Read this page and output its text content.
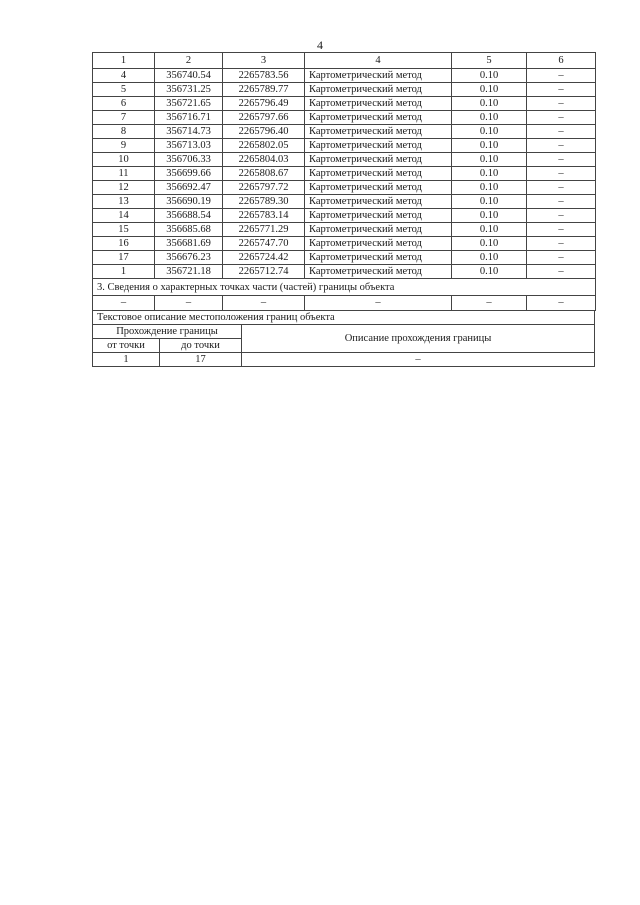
4
1	2	3	4	5	6
4	356740.54	2265783.56	Картометрический метод	0.10	–
5	356731.25	2265789.77	Картометрический метод	0.10	–
6	356721.65	2265796.49	Картометрический метод	0.10	–
7	356716.71	2265797.66	Картометрический метод	0.10	–
8	356714.73	2265796.40	Картометрический метод	0.10	–
9	356713.03	2265802.05	Картометрический метод	0.10	–
10	356706.33	2265804.03	Картометрический метод	0.10	–
11	356699.66	2265808.67	Картометрический метод	0.10	–
12	356692.47	2265797.72	Картометрический метод	0.10	–
13	356690.19	2265789.30	Картометрический метод	0.10	–
14	356688.54	2265783.14	Картометрический метод	0.10	–
15	356685.68	2265771.29	Картометрический метод	0.10	–
16	356681.69	2265747.70	Картометрический метод	0.10	–
17	356676.23	2265724.42	Картометрический метод	0.10	–
1	356721.18	2265712.74	Картометрический метод	0.10	–
3. Сведения о характерных точках части (частей) границы объекта					
–	–	–	–	–	–
Текстовое описание местоположения границ объекта		
Прохождение границы		Описание прохождения границы
от точки	до точки	
1	17	–
